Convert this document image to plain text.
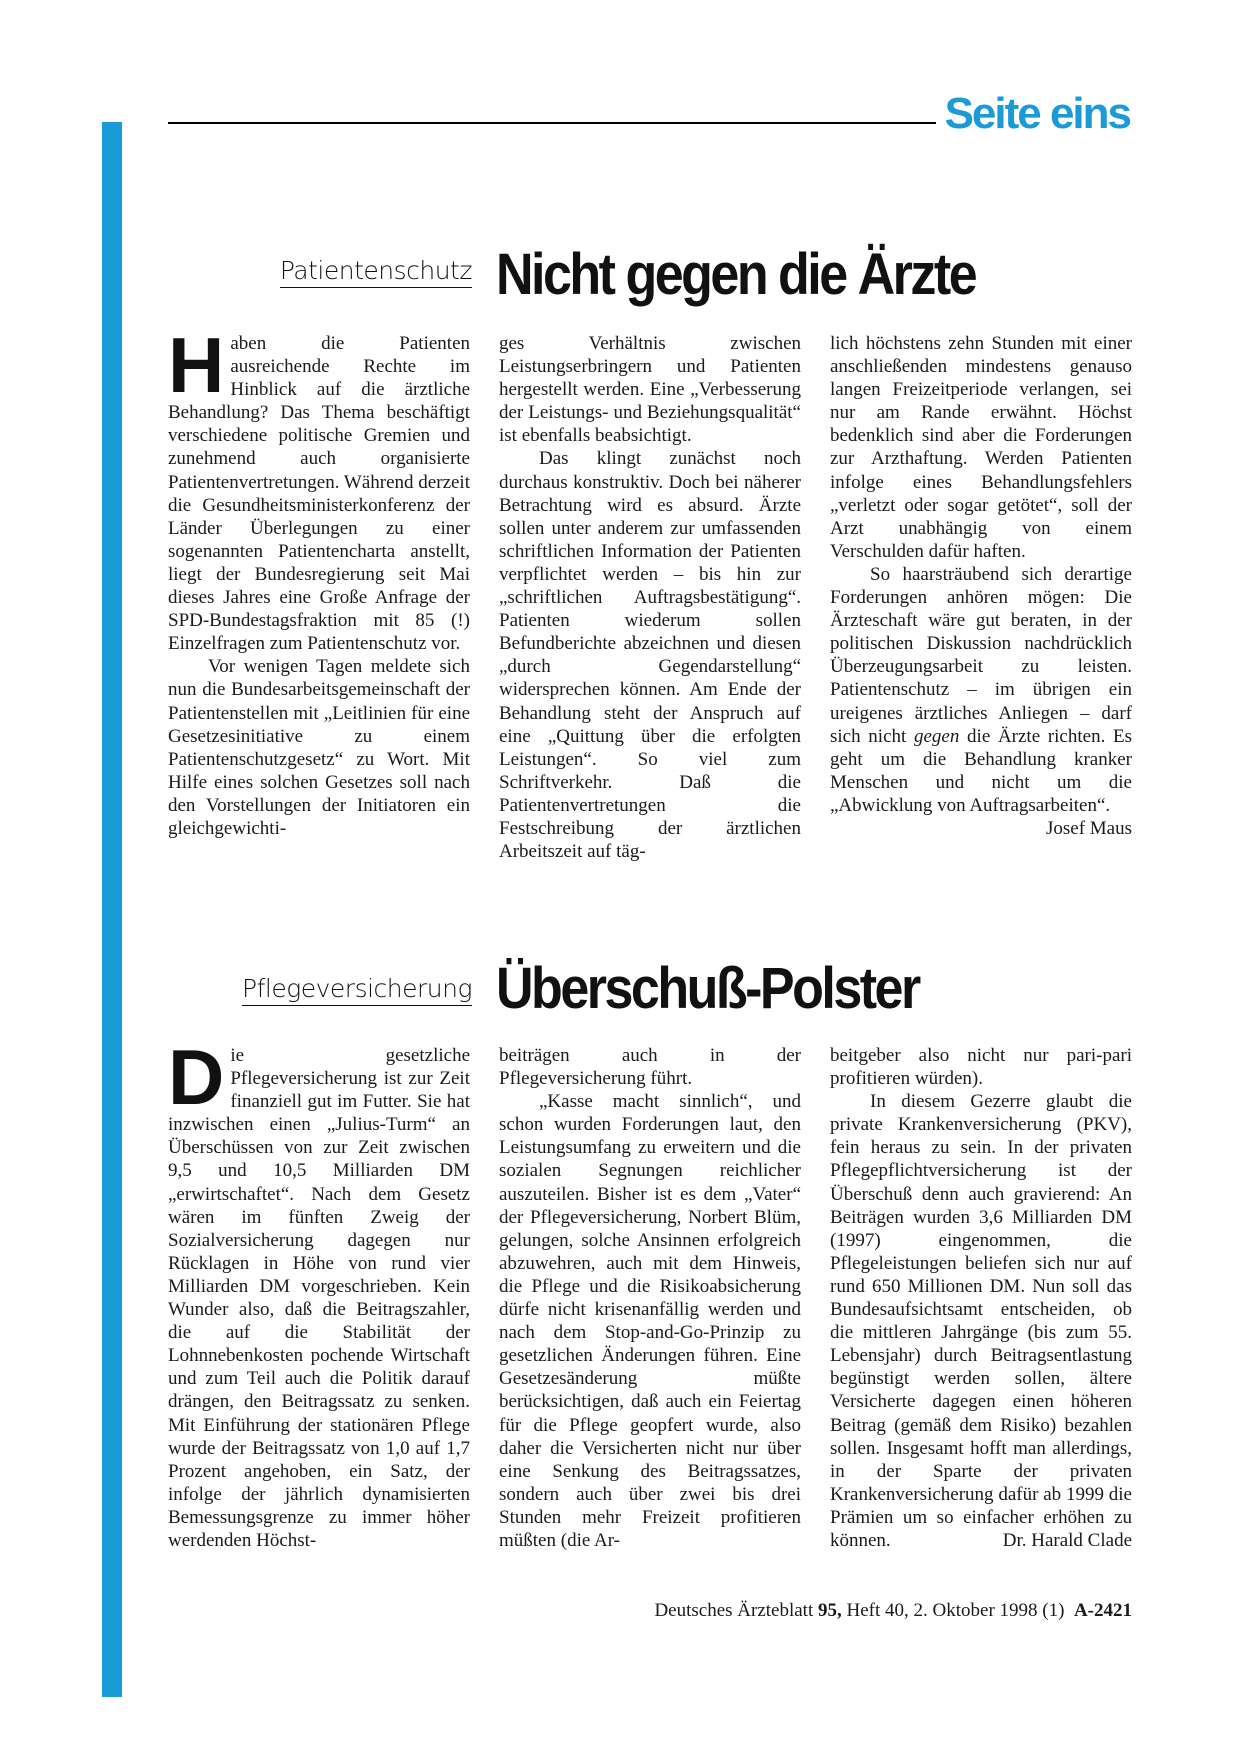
Seite eins
Patientenschutz Nicht gegen die Ärzte

Haben die Patienten ausreichende Rechte im Hinblick auf die ärztliche Behandlung? Das Thema beschäftigt verschiedene politische Gremien und zunehmend auch organisierte Patientenvertretungen. Während derzeit die Gesundheitsministerkonferenz der Länder Überlegungen zu einer sogenannten Patientencharta anstellt, liegt der Bundesregierung seit Mai dieses Jahres eine Große Anfrage der SPD-Bundestagsfraktion mit 85 (!) Einzelfragen zum Patientenschutz vor.

Vor wenigen Tagen meldete sich nun die Bundesarbeitsgemeinschaft der Patientenstellen mit „Leitlinien für eine Gesetzesinitiative zu einem Patientenschutzgesetz“ zu Wort. Mit Hilfe eines solchen Gesetzes soll nach den Vorstellungen der Initiatoren ein gleichgewichti-

ges Verhältnis zwischen Leistungserbringern und Patienten hergestellt werden. Eine „Verbesserung der Leistungs- und Beziehungsqualität“ ist ebenfalls beabsichtigt.

Das klingt zunächst noch durchaus konstruktiv. Doch bei näherer Betrachtung wird es absurd. Ärzte sollen unter anderem zur umfassenden schriftlichen Information der Patienten verpflichtet werden – bis hin zur „schriftlichen Auftragsbestätigung“. Patienten wiederum sollen Befundberichte abzeichnen und diesen „durch Gegendarstellung“ widersprechen können. Am Ende der Behandlung steht der Anspruch auf eine „Quittung über die erfolgten Leistungen“. So viel zum Schriftverkehr. Daß die Patientenvertretungen die Festschreibung der ärztlichen Arbeitszeit auf täg-

lich höchstens zehn Stunden mit einer anschließenden mindestens genauso langen Freizeitperiode verlangen, sei nur am Rande erwähnt. Höchst bedenklich sind aber die Forderungen zur Arzthaftung. Werden Patienten infolge eines Behandlungsfehlers „verletzt oder sogar getötet“, soll der Arzt unabhängig von einem Verschulden dafür haften.

So haarsträubend sich derartige Forderungen anhören mögen: Die Ärzteschaft wäre gut beraten, in der politischen Diskussion nachdrücklich Überzeugungsarbeit zu leisten. Patientenschutz – im übrigen ein ureigenes ärztliches Anliegen – darf sich nicht gegen die Ärzte richten. Es geht um die Behandlung kranker Menschen und nicht um die „Abwicklung von Auftragsarbeiten“.
Josef Maus

Pflegeversicherung Überschuß-Polster

Die gesetzliche Pflegeversicherung ist zur Zeit finanziell gut im Futter. Sie hat inzwischen einen „Julius-Turm“ an Überschüssen von zur Zeit zwischen 9,5 und 10,5 Milliarden DM „erwirtschaftet“. Nach dem Gesetz wären im fünften Zweig der Sozialversicherung dagegen nur Rücklagen in Höhe von rund vier Milliarden DM vorgeschrieben. Kein Wunder also, daß die Beitragszahler, die auf die Stabilität der Lohnnebenkosten pochende Wirtschaft und zum Teil auch die Politik darauf drängen, den Beitragssatz zu senken. Mit Einführung der stationären Pflege wurde der Beitragssatz von 1,0 auf 1,7 Prozent angehoben, ein Satz, der infolge der jährlich dynamisierten Bemessungsgrenze zu immer höher werdenden Höchst-

beiträgen auch in der Pflegeversicherung führt.

„Kasse macht sinnlich“, und schon wurden Forderungen laut, den Leistungsumfang zu erweitern und die sozialen Segnungen reichlicher auszuteilen. Bisher ist es dem „Vater“ der Pflegeversicherung, Norbert Blüm, gelungen, solche Ansinnen erfolgreich abzuwehren, auch mit dem Hinweis, die Pflege und die Risikoabsicherung dürfe nicht krisenanfällig werden und nach dem Stop-and-Go-Prinzip zu gesetzlichen Änderungen führen. Eine Gesetzesänderung müßte berücksichtigen, daß auch ein Feiertag für die Pflege geopfert wurde, also daher die Versicherten nicht nur über eine Senkung des Beitragssatzes, sondern auch über zwei bis drei Stunden mehr Freizeit profitieren müßten (die Ar-

beitgeber also nicht nur pari-pari profitieren würden).

In diesem Gezerre glaubt die private Krankenversicherung (PKV), fein heraus zu sein. In der privaten Pflegepflichtversicherung ist der Überschuß denn auch gravierend: An Beiträgen wurden 3,6 Milliarden DM (1997) eingenommen, die Pflegeleistungen beliefen sich nur auf rund 650 Millionen DM. Nun soll das Bundesaufsichtsamt entscheiden, ob die mittleren Jahrgänge (bis zum 55. Lebensjahr) durch Beitragsentlastung begünstigt werden sollen, ältere Versicherte dagegen einen höheren Beitrag (gemäß dem Risiko) bezahlen sollen. Insgesamt hofft man allerdings, in der Sparte der privaten Krankenversicherung dafür ab 1999 die Prämien um so einfacher erhöhen zu können.	Dr. Harald Clade

Deutsches Ärzteblatt 95, Heft 40, 2. Oktober 1998 (1) A-2421
